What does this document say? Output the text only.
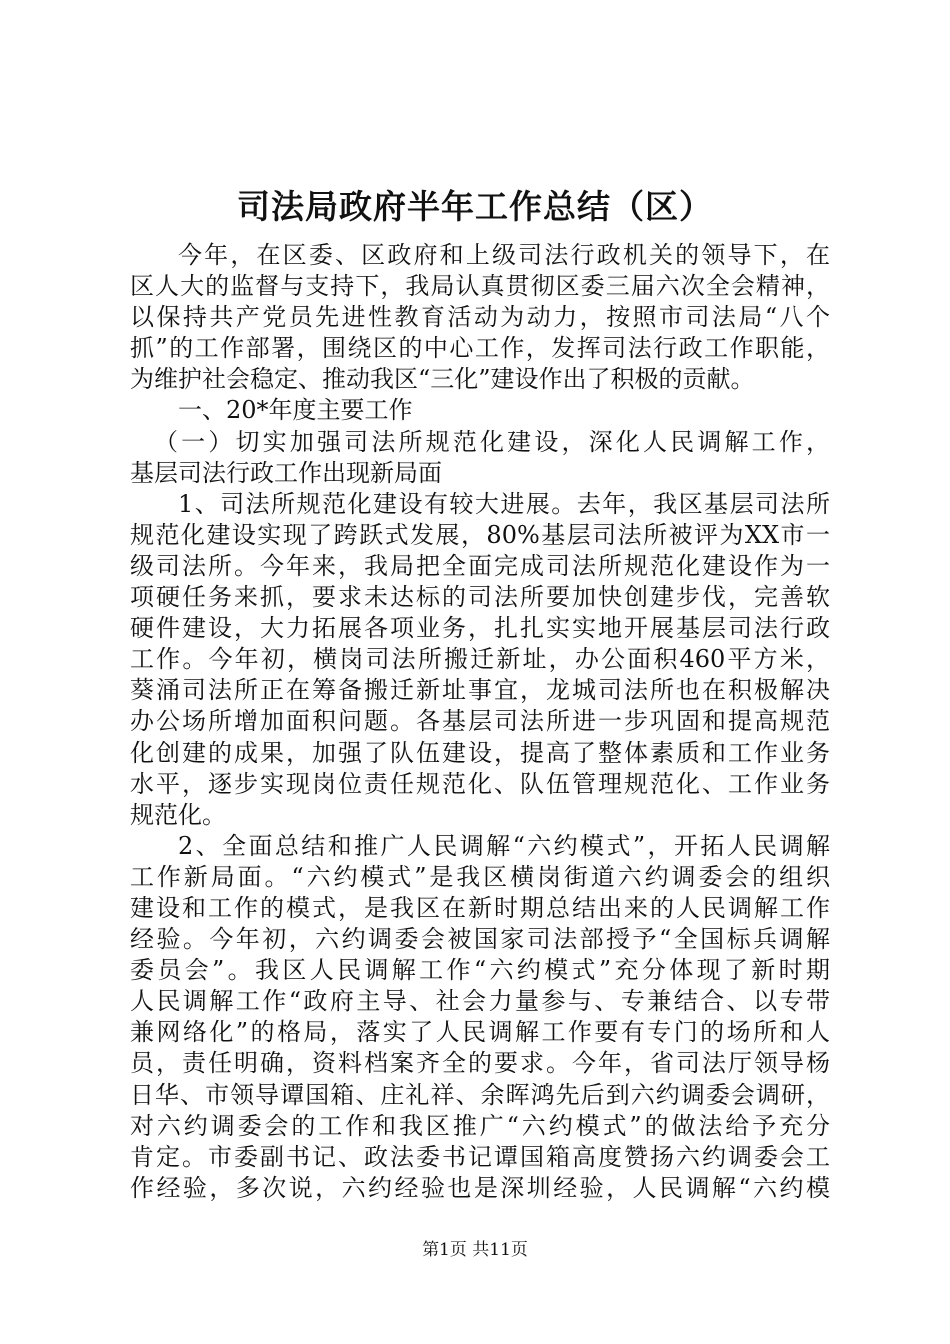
司法局政府半年工作总结（区）
今年，在区委、区政府和上级司法行政机关的领导下，在
区人大的监督与支持下，我局认真贯彻区委三届六次全会精神，
以保持共产党员先进性教育活动为动力，按照市司法局“八个
抓”的工作部署，围绕区的中心工作，发挥司法行政工作职能，
为维护社会稳定、推动我区“三化”建设作出了积极的贡献。
一、20*年度主要工作
（一）切实加强司法所规范化建设，深化人民调解工作，
基层司法行政工作出现新局面
1、司法所规范化建设有较大进展。去年，我区基层司法所
规范化建设实现了跨跃式发展，80%基层司法所被评为XX市一
级司法所。今年来，我局把全面完成司法所规范化建设作为一
项硬任务来抓，要求未达标的司法所要加快创建步伐，完善软
硬件建设，大力拓展各项业务，扎扎实实地开展基层司法行政
工作。今年初，横岗司法所搬迁新址，办公面积460平方米，
葵涌司法所正在筹备搬迁新址事宜，龙城司法所也在积极解决
办公场所增加面积问题。各基层司法所进一步巩固和提高规范
化创建的成果，加强了队伍建设，提高了整体素质和工作业务
水平，逐步实现岗位责任规范化、队伍管理规范化、工作业务
规范化。
2、全面总结和推广人民调解“六约模式”，开拓人民调解
工作新局面。“六约模式”是我区横岗街道六约调委会的组织
建设和工作的模式，是我区在新时期总结出来的人民调解工作
经验。今年初，六约调委会被国家司法部授予“全国标兵调解
委员会”。我区人民调解工作“六约模式”充分体现了新时期
人民调解工作“政府主导、社会力量参与、专兼结合、以专带
兼网络化”的格局，落实了人民调解工作要有专门的场所和人
员，责任明确，资料档案齐全的要求。今年，省司法厅领导杨
日华、市领导谭国箱、庄礼祥、余晖鸿先后到六约调委会调研，
对六约调委会的工作和我区推广“六约模式”的做法给予充分
肯定。市委副书记、政法委书记谭国箱高度赞扬六约调委会工
作经验，多次说，六约经验也是深圳经验，人民调解“六约模
第1页 共11页
